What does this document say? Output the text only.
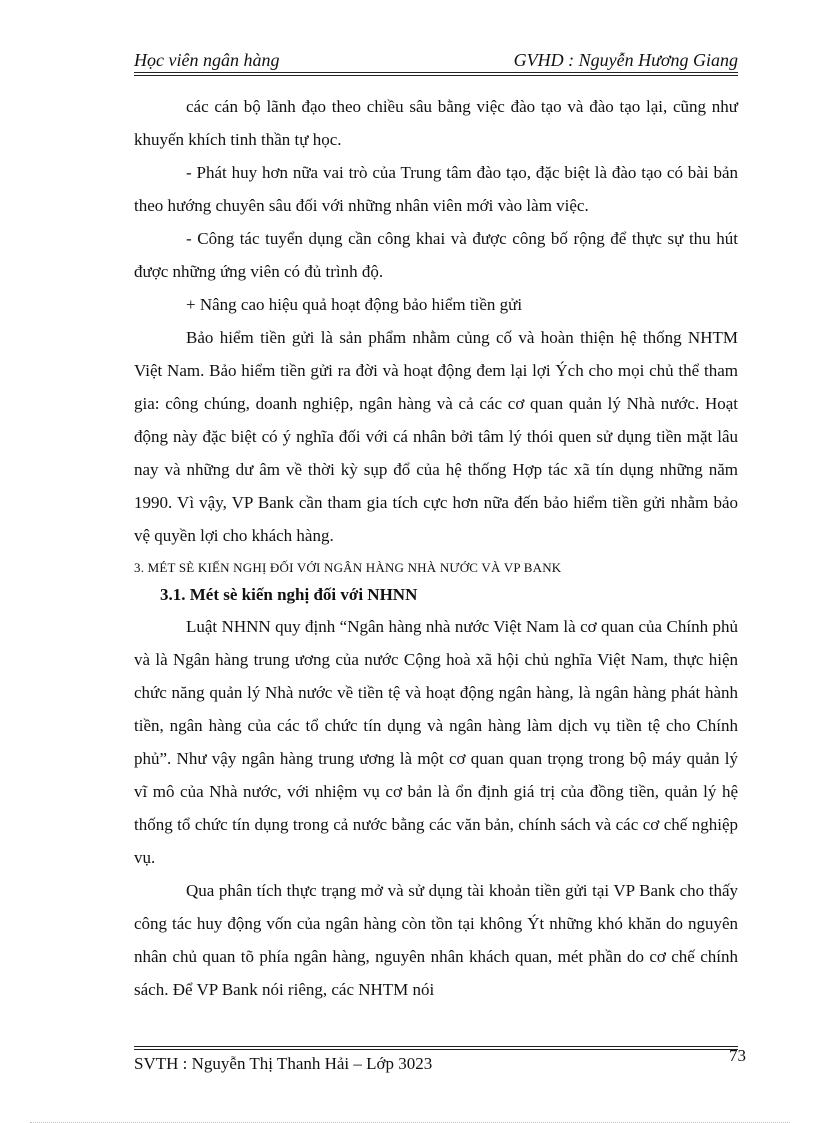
Học viên ngân hàng	GVHD : Nguyễn Hương Giang

các cán bộ lãnh đạo theo chiều sâu bằng việc đào tạo và đào tạo lại, cũng như khuyến khích tinh thần tự học.

- Phát huy hơn nữa vai trò của Trung tâm đào tạo, đặc biệt là đào tạo có bài bản theo hướng chuyên sâu đối với những nhân viên mới vào làm việc.

- Công tác tuyển dụng cần công khai và được công bố rộng để thực sự thu hút được những ứng viên có đủ trình độ.

+ Nâng cao hiệu quả hoạt động bảo hiểm tiền gửi

Bảo hiểm tiền gửi là sản phẩm nhằm củng cố và hoàn thiện hệ thống NHTM Việt Nam. Bảo hiểm tiền gửi ra đời và hoạt động đem lại lợi Ých cho mọi chủ thể tham gia: công chúng, doanh nghiệp, ngân hàng và cả các cơ quan quản lý Nhà nước. Hoạt động này đặc biệt có ý nghĩa đối với cá nhân bởi tâm lý thói quen sử dụng tiền mặt lâu nay và những dư âm về thời kỳ sụp đổ của hệ thống Hợp tác xã tín dụng những năm 1990. Vì vậy, VP Bank cần tham gia tích cực hơn nữa đến bảo hiểm tiền gửi nhằm bảo vệ quyền lợi cho khách hàng.

3. MÉT SÈ KIẾN NGHỊ ĐỐI VỚI NGÂN HÀNG NHÀ NƯỚC VÀ VP BANK

3.1. Mét sè kiến nghị đối với NHNN

Luật NHNN quy định “Ngân hàng nhà nước Việt Nam là cơ quan của Chính phủ và là Ngân hàng trung ương của nước Cộng hoà xã hội chủ nghĩa Việt Nam, thực hiện chức năng quản lý Nhà nước về tiền tệ và hoạt động ngân hàng, là ngân hàng phát hành tiền, ngân hàng của các tổ chức tín dụng và ngân hàng làm dịch vụ tiền tệ cho Chính phủ”. Như vậy ngân hàng trung ương là một cơ quan quan trọng trong bộ máy quản lý vĩ mô của Nhà nước, với nhiệm vụ cơ bản là ổn định giá trị của đồng tiền, quản lý hệ thống tổ chức tín dụng trong cả nước bằng các văn bản, chính sách và các cơ chế nghiệp vụ.

Qua phân tích thực trạng mở và sử dụng tài khoản tiền gửi tại VP Bank cho thấy công tác huy động vốn của ngân hàng còn tồn tại không Ýt những khó khăn do nguyên nhân chủ quan tõ phía ngân hàng, nguyên nhân khách quan, mét phần do cơ chế chính sách. Để VP Bank nói riêng, các NHTM nói

SVTH : Nguyễn Thị Thanh Hải – Lớp 3023	73
